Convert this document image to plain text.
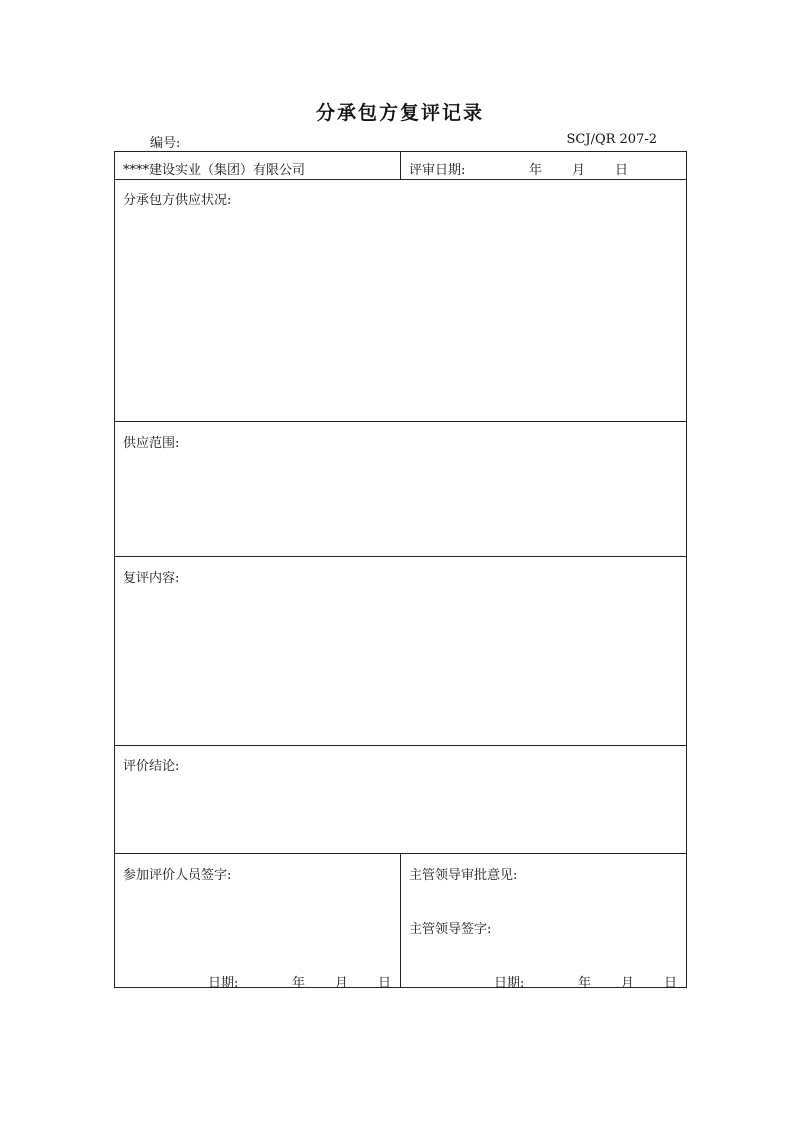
分承包方复评记录
编号:	SCJ/QR 207-2
****建设实业（集团）有限公司	评审日期:	年 月 日
分承包方供应状况:
供应范围:
复评内容:
评价结论:
参加评价人员签字:
日期:	年 月 日
主管领导审批意见:
主管领导签字:
日期:	年 月 日
